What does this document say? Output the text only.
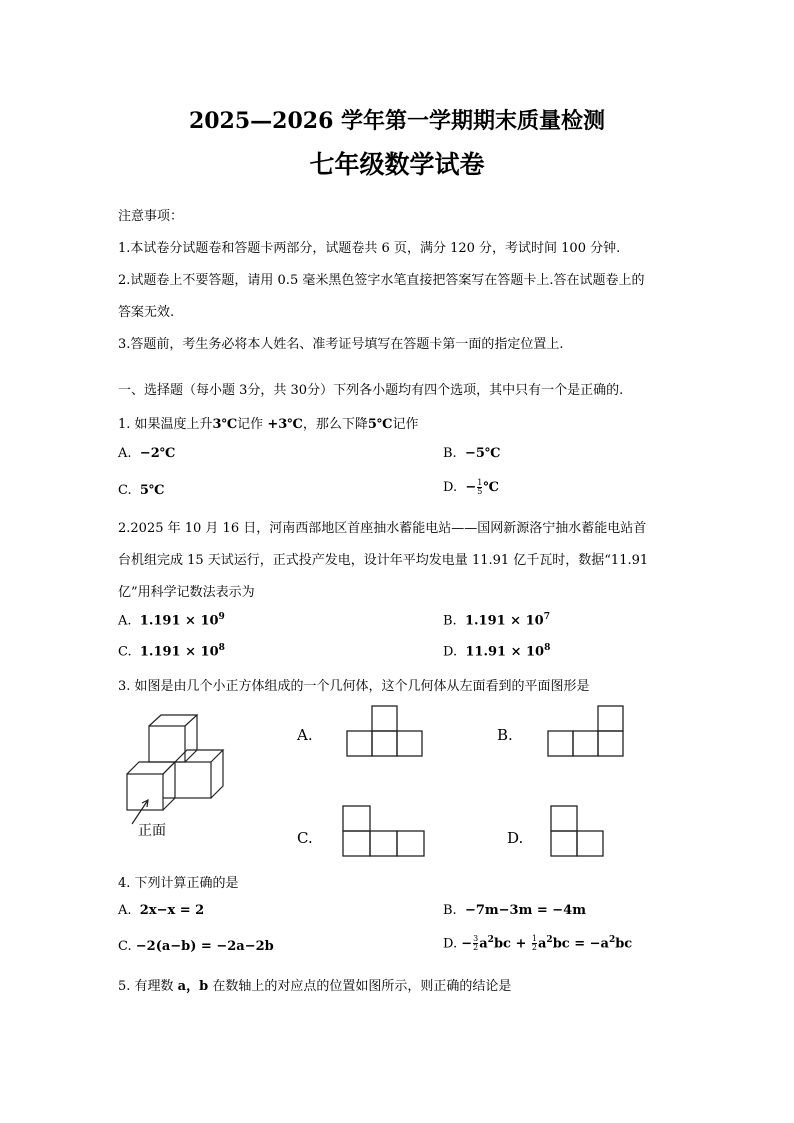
2025—2026 学年第一学期期末质量检测
七年级数学试卷
注意事项：
1.本试卷分试题卷和答题卡两部分，试题卷共 6 页，满分 120 分，考试时间 100 分钟.
2.试题卷上不要答题，请用 0.5 毫米黑色签字水笔直接把答案写在答题卡上.答在试题卷上的
答案无效.
3.答题前，考生务必将本人姓名、准考证号填写在答题卡第一面的指定位置上.
一、选择题（每小题 3分，共 30分）下列各小题均有四个选项，其中只有一个是正确的.
1. 如果温度上升3℃记作 +3℃，那么下降5℃记作
A. −2℃	B. −5℃
C. 5℃	D. − $\frac{1}{5}$ ℃
2.2025 年 10 月 16 日，河南西部地区首座抽水蓄能电站——国网新源洛宁抽水蓄能电站首
台机组完成 15 天试运行，正式投产发电，设计年平均发电量 11.91 亿千瓦时，数据“11.91
亿”用科学记数法表示为
A. $1.191 \times 10^9$	B. $1.191 \times 10^7$
C. $1.191 \times 10^8$	D. $11.91 \times 10^8$
3. 如图是由几个小正方体组成的一个几何体，这个几何体从左面看到的平面图形是
正面
A.	B.
C.	D.
4. 下列计算正确的是
A. 2x−x = 2	B. −7m−3m = −4m
C. −2(a−b) = −2a−2b	D. − $\frac{3}{2} a^2bc + \frac{1}{2} a^2bc = -a^2bc$
5. 有理数 a，b 在数轴上的对应点的位置如图所示，则正确的结论是
